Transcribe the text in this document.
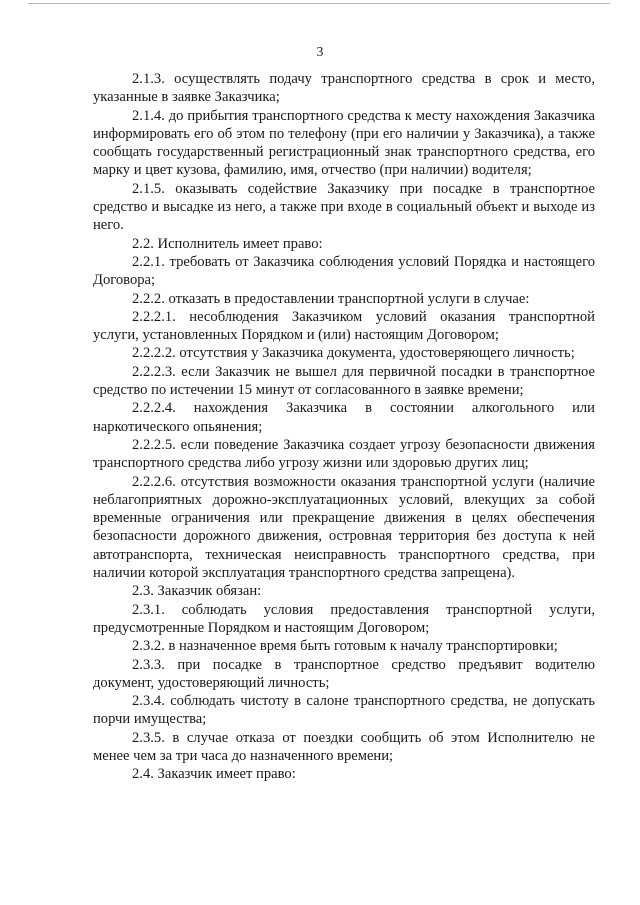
3

2.1.3. осуществлять подачу транспортного средства в срок и место, указанные в заявке Заказчика;

2.1.4. до прибытия транспортного средства к месту нахождения Заказчика информировать его об этом по телефону (при его наличии у Заказчика), а также сообщать государственный регистрационный знак транспортного средства, его марку и цвет кузова, фамилию, имя, отчество (при наличии) водителя;

2.1.5. оказывать содействие Заказчику при посадке в транспортное средство и высадке из него, а также при входе в социальный объект и выходе из него.

2.2. Исполнитель имеет право:

2.2.1. требовать от Заказчика соблюдения условий Порядка и настоящего Договора;

2.2.2. отказать в предоставлении транспортной услуги в случае:

2.2.2.1. несоблюдения Заказчиком условий оказания транспортной услуги, установленных Порядком и (или) настоящим Договором;

2.2.2.2. отсутствия у Заказчика документа, удостоверяющего личность;

2.2.2.3. если Заказчик не вышел для первичной посадки в транспортное средство по истечении 15 минут от согласованного в заявке времени;

2.2.2.4. нахождения Заказчика в состоянии алкогольного или наркотического опьянения;

2.2.2.5. если поведение Заказчика создает угрозу безопасности движения транспортного средства либо угрозу жизни или здоровью других лиц;

2.2.2.6. отсутствия возможности оказания транспортной услуги (наличие неблагоприятных дорожно-эксплуатационных условий, влекущих за собой временные ограничения или прекращение движения в целях обеспечения безопасности дорожного движения, островная территория без доступа к ней автотранспорта, техническая неисправность транспортного средства, при наличии которой эксплуатация транспортного средства запрещена).

2.3. Заказчик обязан:

2.3.1. соблюдать условия предоставления транспортной услуги, предусмотренные Порядком и настоящим Договором;

2.3.2. в назначенное время быть готовым к началу транспортировки;

2.3.3. при посадке в транспортное средство предъявит водителю документ, удостоверяющий личность;

2.3.4. соблюдать чистоту в салоне транспортного средства, не допускать порчи имущества;

2.3.5. в случае отказа от поездки сообщить об этом Исполнителю не менее чем за три часа до назначенного времени;

2.4. Заказчик имеет право:
